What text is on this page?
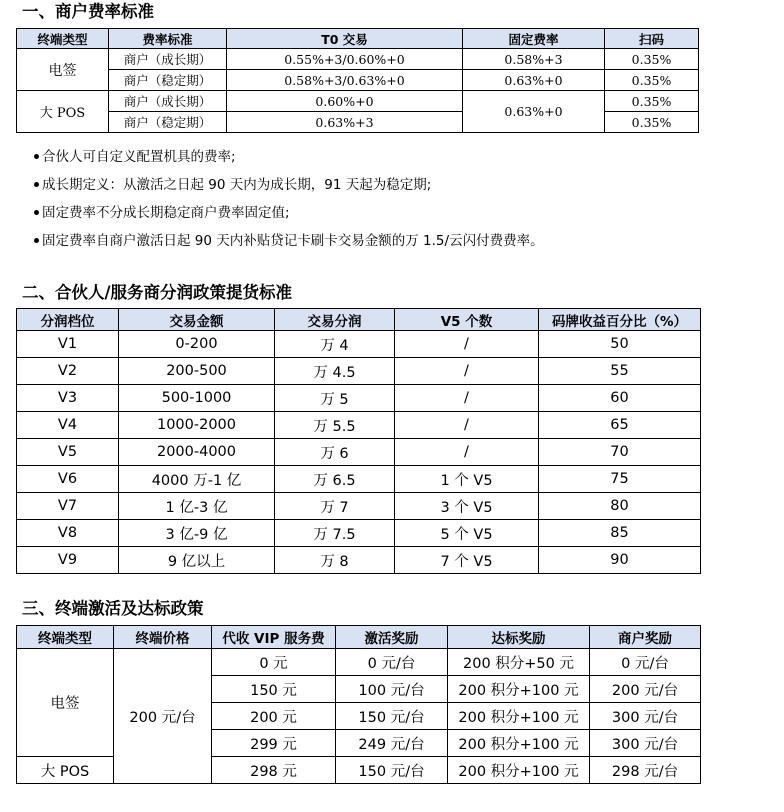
一、商户费率标准
终端类型	费率标准	T0 交易	固定费率	扫码
电签	商户（成长期）	0.55%+3/0.60%+0	0.58%+3	0.35%
	商户（稳定期）	0.58%+3/0.63%+0	0.63%+0	0.35%
大 POS	商户（成长期）	0.60%+0	0.63%+0	0.35%
	商户（稳定期）	0.63%+3		0.35%
合伙人可自定义配置机具的费率;
成长期定义：从激活之日起 90 天内为成长期，91 天起为稳定期;
固定费率不分成长期稳定商户费率固定值;
固定费率自商户激活日起 90 天内补贴贷记卡刷卡交易金额的万 1.5/云闪付费费率。
二、合伙人/服务商分润政策提货标准
分润档位	交易金额	交易分润	V5 个数	码牌收益百分比（%）
V1	0-200	万 4	/	50
V2	200-500	万 4.5	/	55
V3	500-1000	万 5	/	60
V4	1000-2000	万 5.5	/	65
V5	2000-4000	万 6	/	70
V6	4000 万-1 亿	万 6.5	1 个 V5	75
V7	1 亿-3 亿	万 7	3 个 V5	80
V8	3 亿-9 亿	万 7.5	5 个 V5	85
V9	9 亿以上	万 8	7 个 V5	90
三、终端激活及达标政策
终端类型	终端价格	代收 VIP 服务费	激活奖励	达标奖励	商户奖励
电签	200 元/台	0 元	0 元/台	200 积分+50 元	0 元/台
		150 元	100 元/台	200 积分+100 元	200 元/台
		200 元	150 元/台	200 积分+100 元	300 元/台
		299 元	249 元/台	200 积分+100 元	300 元/台
大 POS		298 元	150 元/台	200 积分+100 元	298 元/台
